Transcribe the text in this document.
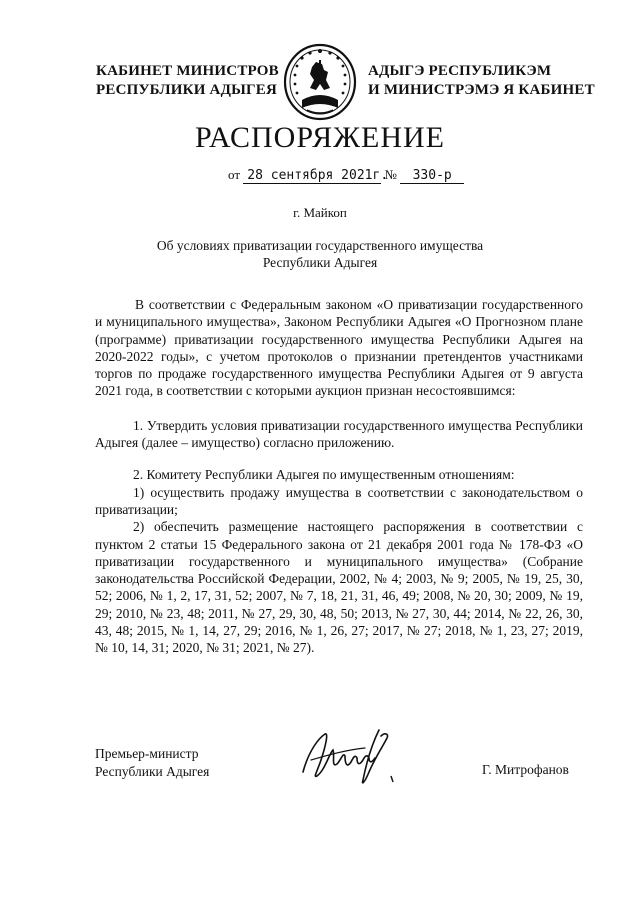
КАБИНЕТ МИНИСТРОВ
РЕСПУБЛИКИ АДЫГЕЯ
АДЫГЭ РЕСПУБЛИКЭМ
И МИНИСТРЭМЭ Я КАБИНЕТ
РАСПОРЯЖЕНИЕ
от 28 сентября 2021г. № 330-р
г. Майкоп
Об условиях приватизации государственного имущества
Республики Адыгея

В соответствии с Федеральным законом «О приватизации государственного и муниципального имущества», Законом Республики Адыгея «О Прогнозном плане (программе) приватизации государственного имущества Республики Адыгея на 2020-2022 годы», с учетом протоколов о признании претендентов участниками торгов по продаже государственного имущества Республики Адыгея от 9 августа 2021 года, в соответствии с которыми аукцион признан несостоявшимся:

1. Утвердить условия приватизации государственного имущества Республики Адыгея (далее – имущество) согласно приложению.

2. Комитету Республики Адыгея по имущественным отношениям:

1) осуществить продажу имущества в соответствии с законодательством о приватизации;

2) обеспечить размещение настоящего распоряжения в соответствии с пунктом 2 статьи 15 Федерального закона от 21 декабря 2001 года № 178-ФЗ «О приватизации государственного и муниципального имущества» (Собрание законодательства Российской Федерации, 2002, № 4; 2003, № 9; 2005, № 19, 25, 30, 52; 2006, № 1, 2, 17, 31, 52; 2007, № 7, 18, 21, 31, 46, 49; 2008, № 20, 30; 2009, № 19, 29; 2010, № 23, 48; 2011, № 27, 29, 30, 48, 50; 2013, № 27, 30, 44; 2014, № 22, 26, 30, 43, 48; 2015, № 1, 14, 27, 29; 2016, № 1, 26, 27; 2017, № 27; 2018, № 1, 23, 27; 2019, № 10, 14, 31; 2020, № 31; 2021, № 27).

Премьер-министр
Республики Адыгея	Г. Митрофанов
